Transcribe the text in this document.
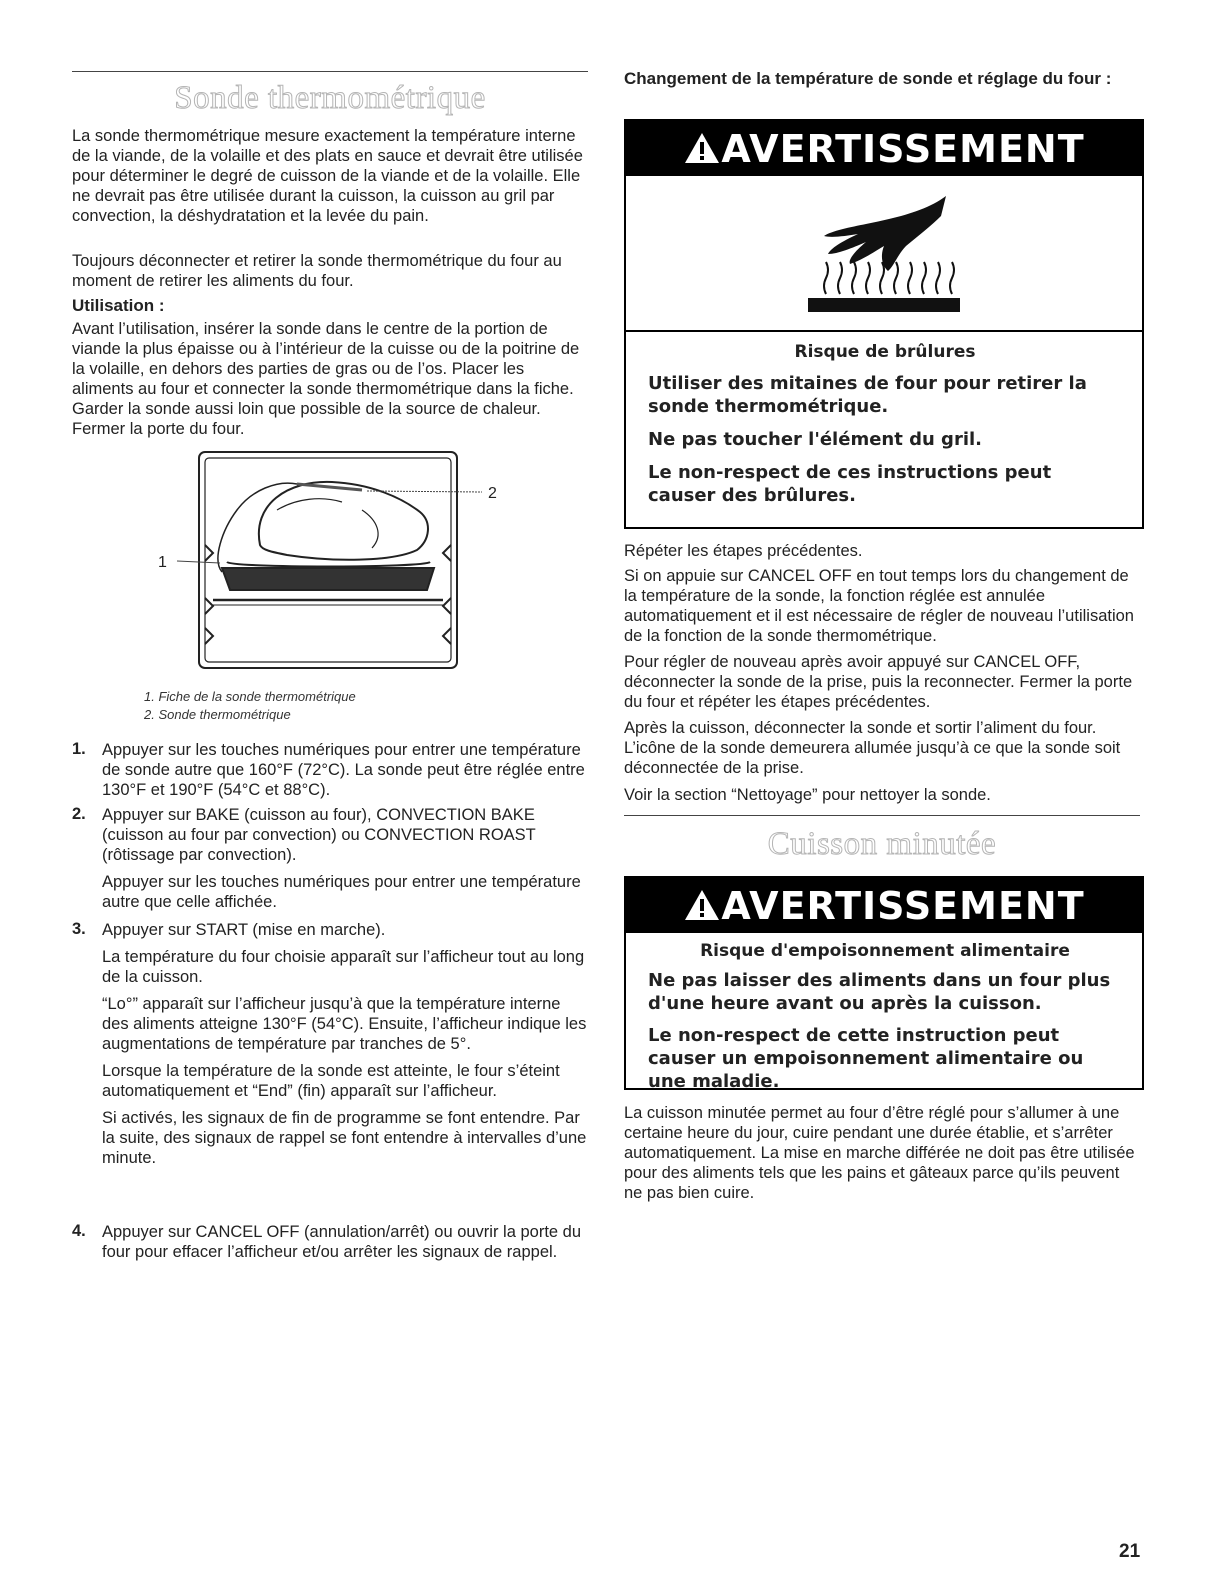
Sonde thermométrique

La sonde thermométrique mesure exactement la température interne de la viande, de la volaille et des plats en sauce et devrait être utilisée pour déterminer le degré de cuisson de la viande et de la volaille. Elle ne devrait pas être utilisée durant la cuisson, la cuisson au gril par convection, la déshydratation et la levée du pain.

Toujours déconnecter et retirer la sonde thermométrique du four au moment de retirer les aliments du four.

Utilisation :

Avant l’utilisation, insérer la sonde dans le centre de la portion de viande la plus épaisse ou à l’intérieur de la cuisse ou de la poitrine de la volaille, en dehors des parties de gras ou de l’os. Placer les aliments au four et connecter la sonde thermométrique dans la fiche. Garder la sonde aussi loin que possible de la source de chaleur. Fermer la porte du four.

1
2
1. Fiche de la sonde thermométrique
2. Sonde thermométrique
1. Appuyer sur les touches numériques pour entrer une température de sonde autre que 160°F (72°C). La sonde peut être réglée entre 130°F et 190°F (54°C et 88°C).

2. Appuyer sur BAKE (cuisson au four), CONVECTION BAKE (cuisson au four par convection) ou CONVECTION ROAST (rôtissage par convection).

Appuyer sur les touches numériques pour entrer une température autre que celle affichée.

3. Appuyer sur START (mise en marche).

La température du four choisie apparaît sur l’afficheur tout au long de la cuisson.

“Lo°” apparaît sur l’afficheur jusqu’à que la température interne des aliments atteigne 130°F (54°C). Ensuite, l’afficheur indique les augmentations de température par tranches de 5°.

Lorsque la température de la sonde est atteinte, le four s’éteint automatiquement et “End” (fin) apparaît sur l’afficheur.

Si activés, les signaux de fin de programme se font entendre. Par la suite, des signaux de rappel se font entendre à intervalles d’une minute.

4. Appuyer sur CANCEL OFF (annulation/arrêt) ou ouvrir la porte du four pour effacer l’afficheur et/ou arrêter les signaux de rappel.

Changement de la température de sonde et réglage du four :
AVERTISSEMENT
Risque de brûlures
Utiliser des mitaines de four pour retirer la sonde thermométrique.
Ne pas toucher l'élément du gril.
Le non-respect de ces instructions peut causer des brûlures.

Répéter les étapes précédentes.

Si on appuie sur CANCEL OFF en tout temps lors du changement de la température de la sonde, la fonction réglée est annulée automatiquement et il est nécessaire de régler de nouveau l’utilisation de la fonction de la sonde thermométrique.

Pour régler de nouveau après avoir appuyé sur CANCEL OFF, déconnecter la sonde de la prise, puis la reconnecter. Fermer la porte du four et répéter les étapes précédentes.

Après la cuisson, déconnecter la sonde et sortir l’aliment du four. L’icône de la sonde demeurera allumée jusqu’à ce que la sonde soit déconnectée de la prise.

Voir la section “Nettoyage” pour nettoyer la sonde.

Cuisson minutée
AVERTISSEMENT
Risque d'empoisonnement alimentaire
Ne pas laisser des aliments dans un four plus d'une heure avant ou après la cuisson.
Le non-respect de cette instruction peut causer un empoisonnement alimentaire ou une maladie.

La cuisson minutée permet au four d’être réglé pour s’allumer à une certaine heure du jour, cuire pendant une durée établie, et s’arrêter automatiquement. La mise en marche différée ne doit pas être utilisée pour des aliments tels que les pains et gâteaux parce qu’ils peuvent ne pas bien cuire.

21
